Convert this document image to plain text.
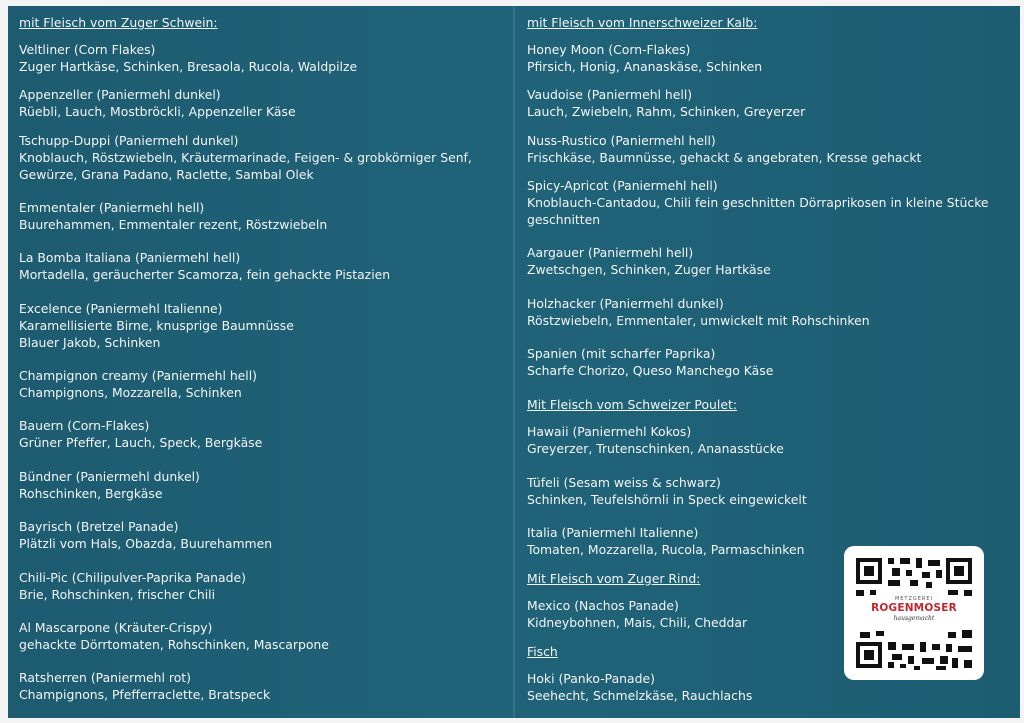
mit Fleisch vom Zuger Schwein:
Veltliner (Corn Flakes)
Zuger Hartkäse, Schinken, Bresaola, Rucola, Waldpilze
Appenzeller (Paniermehl dunkel)
Rüebli, Lauch, Mostbröckli, Appenzeller Käse
Tschupp-Duppi (Paniermehl dunkel)
Knoblauch, Röstzwiebeln, Kräutermarinade, Feigen- & grobkörniger Senf, Gewürze, Grana Padano, Raclette, Sambal Olek
Emmentaler (Paniermehl hell)
Buurehammen, Emmentaler rezent, Röstzwiebeln
La Bomba Italiana (Paniermehl hell)
Mortadella, geräucherter Scamorza, fein gehackte Pistazien
Excelence (Paniermehl Italienne)
Karamellisierte Birne, knusprige Baumnüsse Blauer Jakob, Schinken
Champignon creamy (Paniermehl hell)
Champignons, Mozzarella, Schinken
Bauern (Corn-Flakes)
Grüner Pfeffer, Lauch, Speck, Bergkäse
Bündner (Paniermehl dunkel)
Rohschinken, Bergkäse
Bayrisch (Bretzel Panade)
Plätzli vom Hals, Obazda, Buurehammen
Chili-Pic (Chilipulver-Paprika Panade)
Brie, Rohschinken, frischer Chili
Al Mascarpone (Kräuter-Crispy)
gehackte Dörrtomaten, Rohschinken, Mascarpone
Ratsherren (Paniermehl rot)
Champignons, Pfefferraclette, Bratspeck
mit Fleisch vom Innerschweizer Kalb:
Honey Moon (Corn-Flakes)
Pfirsich, Honig, Ananaskäse, Schinken
Vaudoise (Paniermehl hell)
Lauch, Zwiebeln, Rahm, Schinken, Greyerzer
Nuss-Rustico (Paniermehl hell)
Frischkäse, Baumnüsse, gehackt & angebraten, Kresse gehackt
Spicy-Apricot (Paniermehl hell)
Knoblauch-Cantadou, Chili fein geschnitten Dörraprikosen in kleine Stücke geschnitten
Aargauer (Paniermehl hell)
Zwetschgen, Schinken, Zuger Hartkäse
Holzhacker (Paniermehl dunkel)
Röstzwiebeln, Emmentaler, umwickelt mit Rohschinken
Spanien (mit scharfer Paprika)
Scharfe Chorizo, Queso Manchego Käse
Mit Fleisch vom Schweizer Poulet:
Hawaii (Paniermehl Kokos)
Greyerzer, Trutenschinken, Ananasstücke
Tüfeli (Sesam weiss & schwarz)
Schinken, Teufelshörnli in Speck eingewickelt
Italia (Paniermehl Italienne)
Tomaten, Mozzarella, Rucola, Parmaschinken
Mit Fleisch vom Zuger Rind:
Mexico (Nachos Panade)
Kidneybohnen, Mais, Chili, Cheddar
Fisch
Hoki (Panko-Panade)
Seehecht, Schmelzkäse, Rauchlachs
METZGEREI
ROGENMOSER
hausgemacht
